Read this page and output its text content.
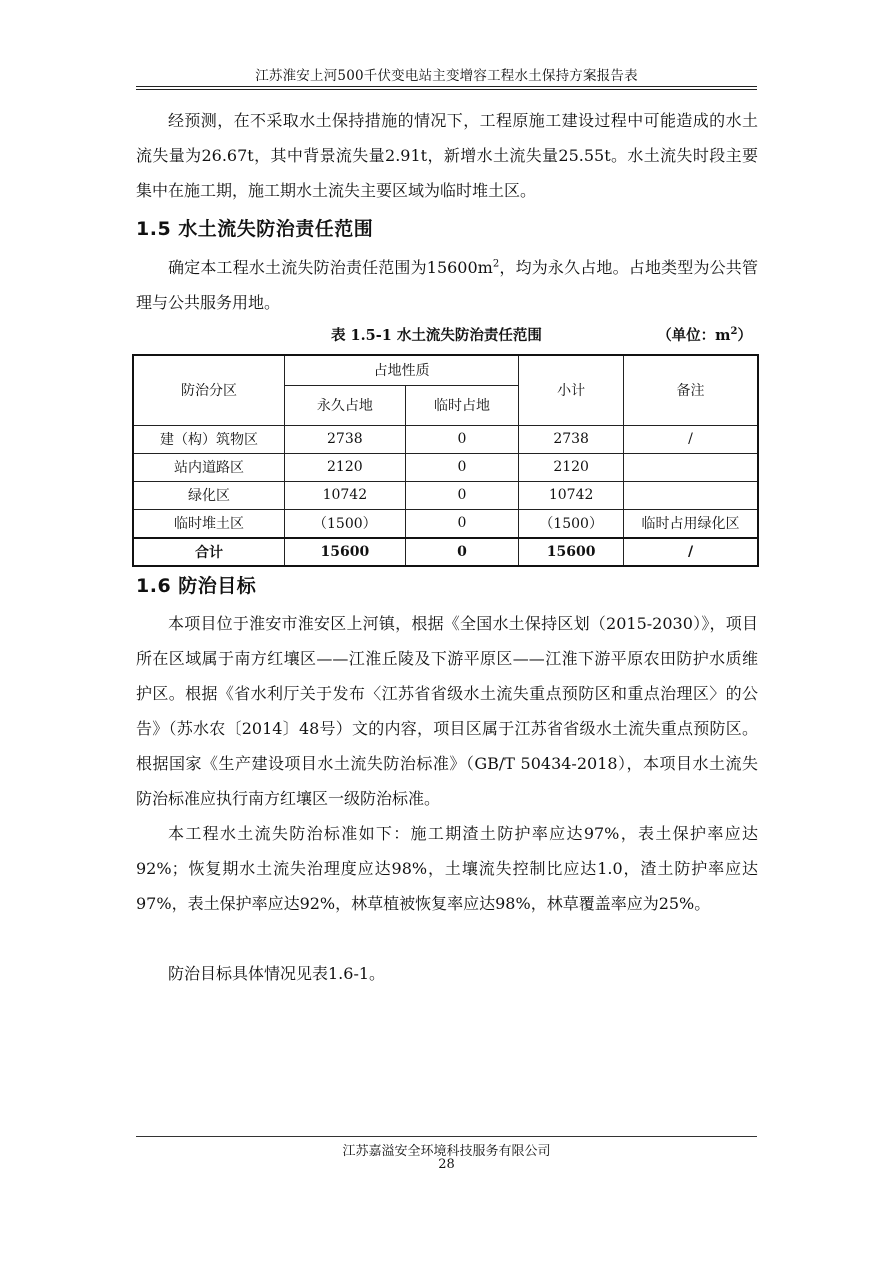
江苏淮安上河500千伏变电站主变增容工程水土保持方案报告表

经预测，在不采取水土保持措施的情况下，工程原施工建设过程中可能造成的水土流失量为26.67t，其中背景流失量2.91t，新增水土流失量25.55t。水土流失时段主要集中在施工期，施工期水土流失主要区域为临时堆土区。

1.5 水土流失防治责任范围

确定本工程水土流失防治责任范围为$15600m^2$，均为永久占地。占地类型为公共管理与公共服务用地。

表 1.5-1 水土流失防治责任范围	（单位：$m^2$）
防治分区	占地性质		小计	备注
	永久占地	临时占地		
建（构）筑物区	2738	0	2738	/
站内道路区	2120	0	2120	
绿化区	10742	0	10742	
临时堆土区	（1500）	0	（1500）	临时占用绿化区
合计	15600	0	15600	/
1.6 防治目标

本项目位于淮安市淮安区上河镇，根据《全国水土保持区划（2015-2030）》，项目所在区域属于南方红壤区——江淮丘陵及下游平原区——江淮下游平原农田防护水质维护区。根据《省水利厅关于发布〈江苏省省级水土流失重点预防区和重点治理区〉的公告》（苏水农〔2014〕48号）文的内容，项目区属于江苏省省级水土流失重点预防区。根据国家《生产建设项目水土流失防治标准》（GB/T 50434-2018），本项目水土流失防治标准应执行南方红壤区一级防治标准。

本工程水土流失防治标准如下：施工期渣土防护率应达97%，表土保护率应达92%；恢复期水土流失治理度应达98%，土壤流失控制比应达1.0，渣土防护率应达97%，表土保护率应达92%，林草植被恢复率应达98%，林草覆盖率应为25%。

防治目标具体情况见表1.6-1。

江苏嘉溢安全环境科技服务有限公司
28
